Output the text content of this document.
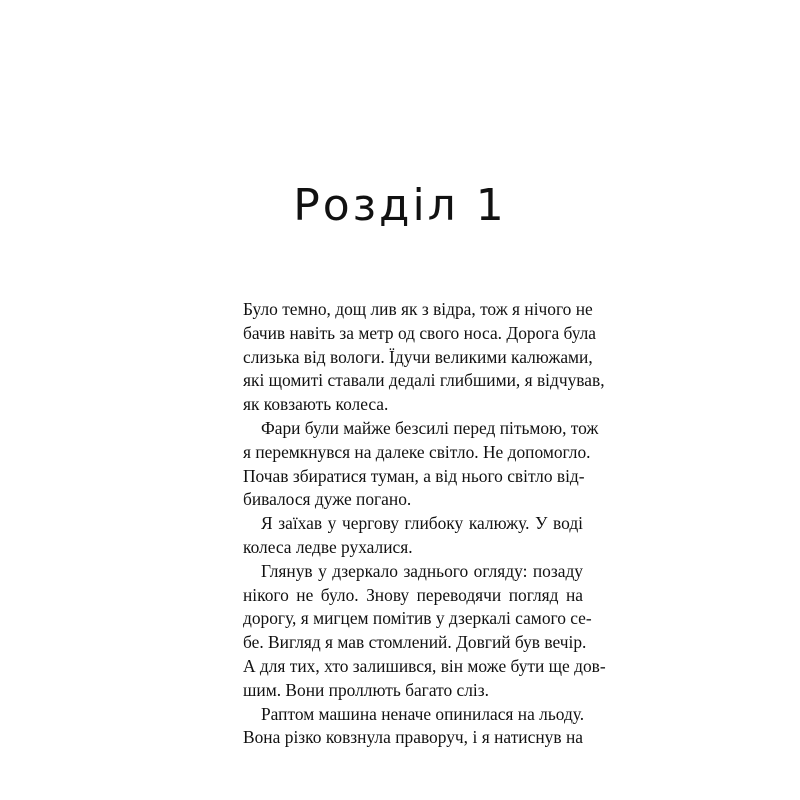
Розділ 1
Було темно, дощ лив як з відра, тож я нічого не
бачив навіть за метр од свого носа. Дорога була
слизька від вологи. Їдучи великими калюжами,
які щомиті ставали дедалі глибшими, я відчував,
як ковзають колеса.
Фари були майже безсилі перед пітьмою, тож
я перемкнувся на далеке світло. Не допомогло.
Почав збиратися туман, а від нього світло від-
бивалося дуже погано.
Я заїхав у чергову глибоку калюжу. У воді
колеса ледве рухалися.
Глянув у дзеркало заднього огляду: позаду
нікого не було. Знову переводячи погляд на
дорогу, я мигцем помітив у дзеркалі самого се-
бе. Вигляд я мав стомлений. Довгий був вечір.
А для тих, хто залишився, він може бути ще дов-
шим. Вони проллють багато сліз.
Раптом машина неначе опинилася на льоду.
Вона різко ковзнула праворуч, і я натиснув на
